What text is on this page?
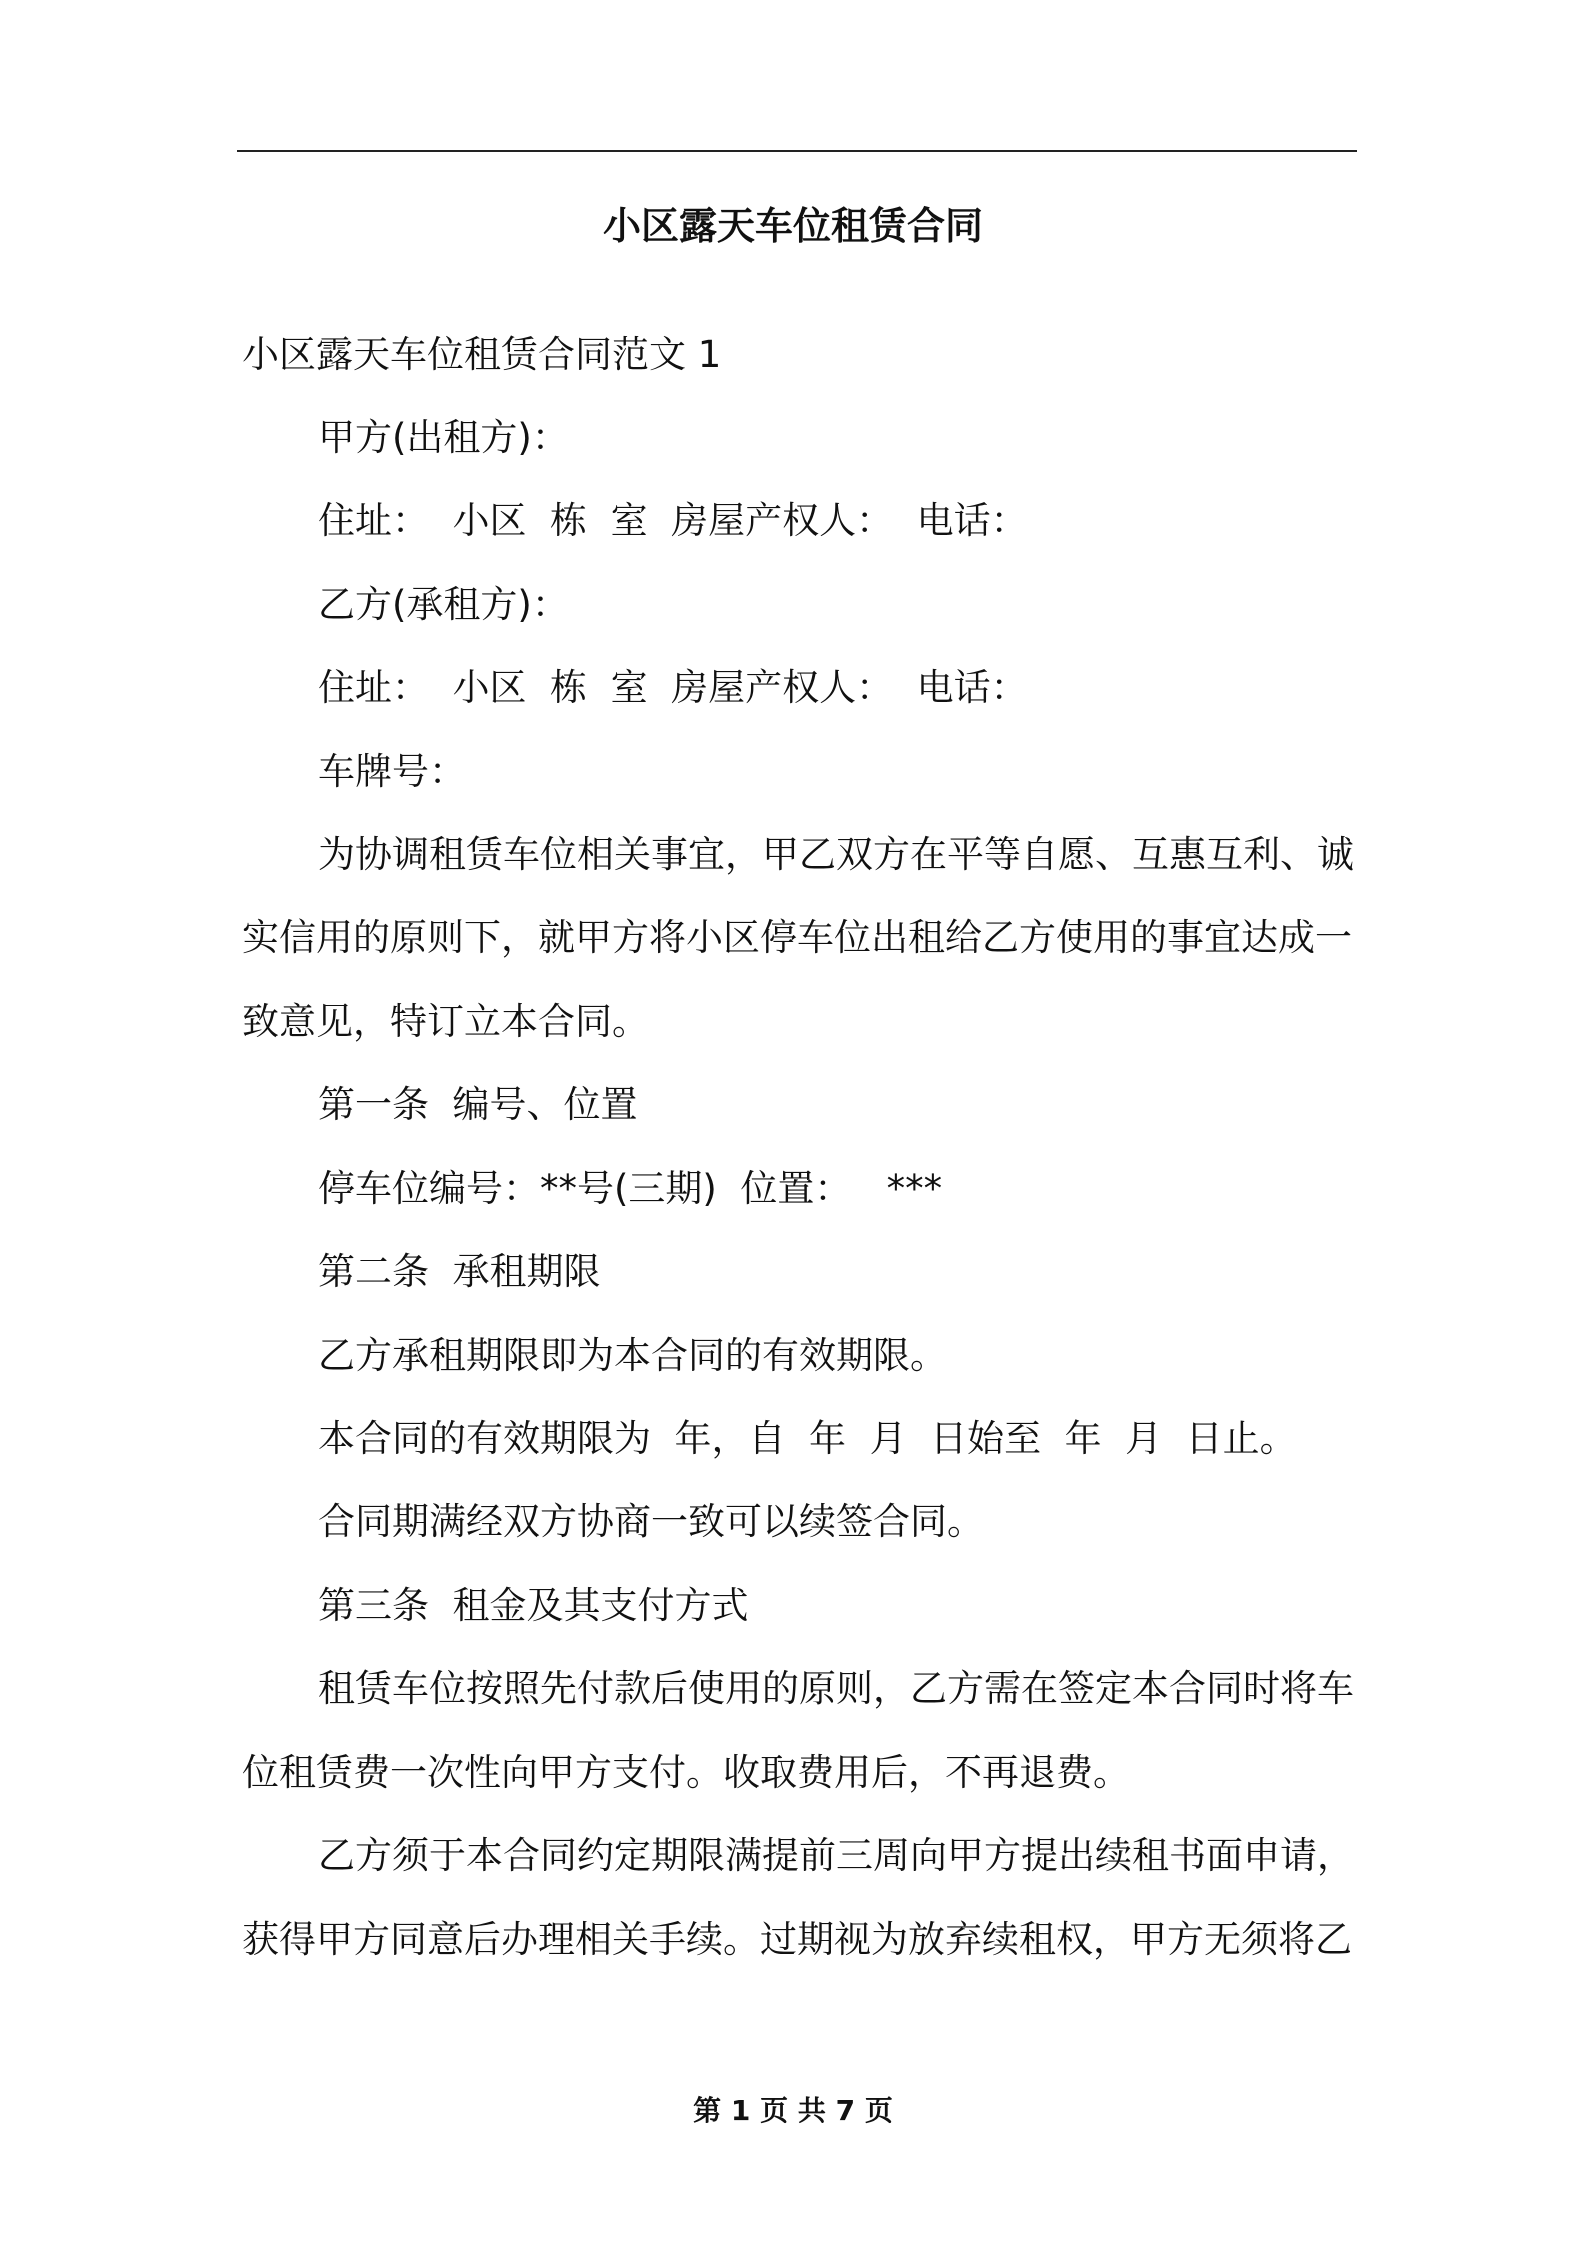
小区露天车位租赁合同
小区露天车位租赁合同范文 1
甲方(出租方)：
住址：  小区  栋  室  房屋产权人：  电话：
乙方(承租方)：
住址：  小区  栋  室  房屋产权人：  电话：
车牌号：
为协调租赁车位相关事宜，甲乙双方在平等自愿、互惠互利、诚
实信用的原则下，就甲方将小区停车位出租给乙方使用的事宜达成一
致意见，特订立本合同。
第一条  编号、位置
停车位编号：**号(三期)  位置：   ***
第二条  承租期限
乙方承租期限即为本合同的有效期限。
本合同的有效期限为  年，自  年  月  日始至  年  月  日止。
合同期满经双方协商一致可以续签合同。
第三条  租金及其支付方式
租赁车位按照先付款后使用的原则，乙方需在签定本合同时将车
位租赁费一次性向甲方支付。收取费用后，不再退费。
乙方须于本合同约定期限满提前三周向甲方提出续租书面申请，
获得甲方同意后办理相关手续。过期视为放弃续租权，甲方无须将乙
第 1 页 共 7 页
